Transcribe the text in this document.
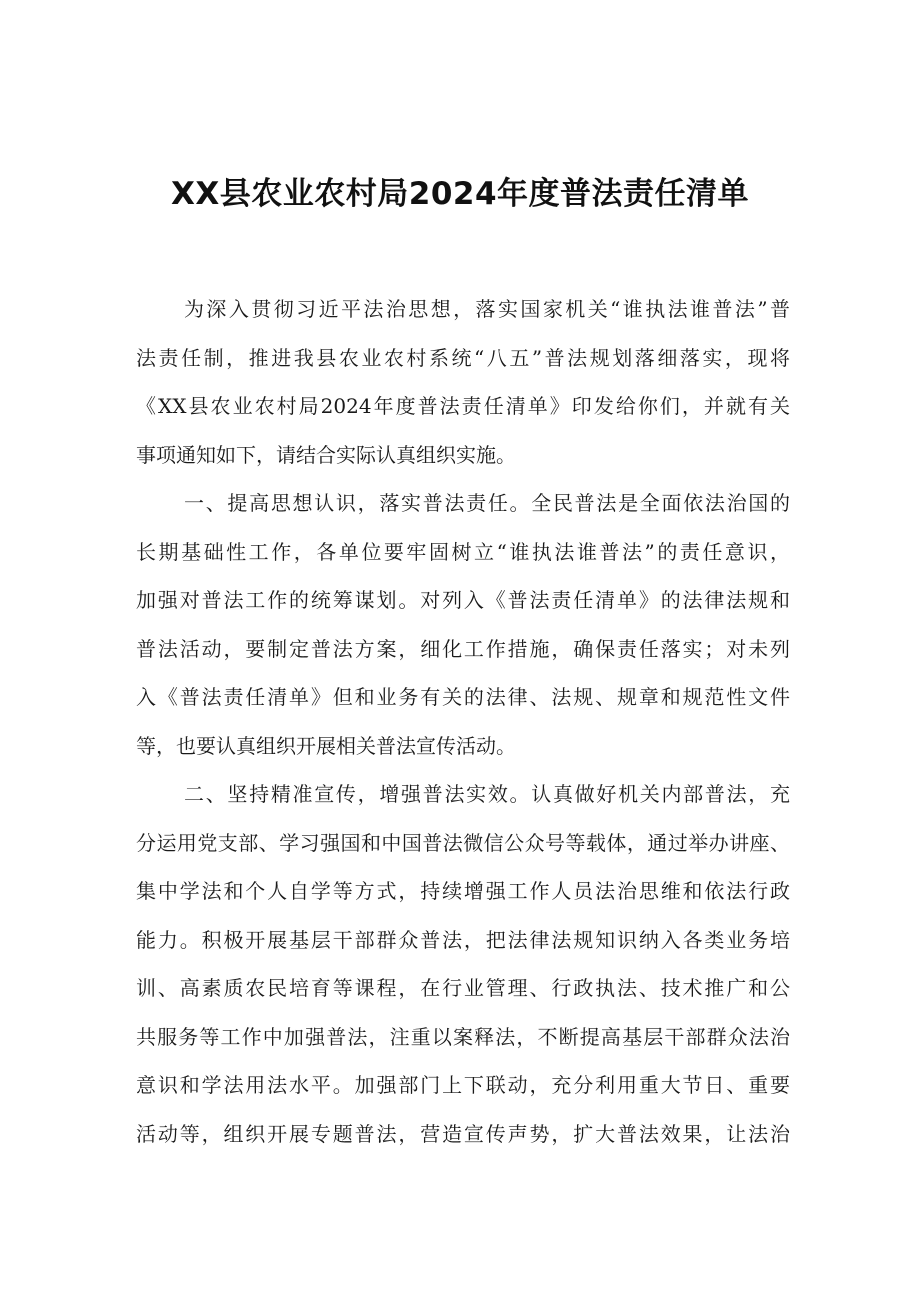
XX县农业农村局2024年度普法责任清单
为深入贯彻习近平法治思想，落实国家机关“谁执法谁普法”普
法责任制，推进我县农业农村系统“八五”普法规划落细落实，现将
《XX县农业农村局2024年度普法责任清单》印发给你们，并就有关
事项通知如下，请结合实际认真组织实施。
一、提高思想认识，落实普法责任。全民普法是全面依法治国的
长期基础性工作，各单位要牢固树立“谁执法谁普法”的责任意识，
加强对普法工作的统筹谋划。对列入《普法责任清单》的法律法规和
普法活动，要制定普法方案，细化工作措施，确保责任落实；对未列
入《普法责任清单》但和业务有关的法律、法规、规章和规范性文件
等，也要认真组织开展相关普法宣传活动。
二、坚持精准宣传，增强普法实效。认真做好机关内部普法，充
分运用党支部、学习强国和中国普法微信公众号等载体，通过举办讲座、
集中学法和个人自学等方式，持续增强工作人员法治思维和依法行政
能力。积极开展基层干部群众普法，把法律法规知识纳入各类业务培
训、高素质农民培育等课程，在行业管理、行政执法、技术推广和公
共服务等工作中加强普法，注重以案释法，不断提高基层干部群众法治
意识和学法用法水平。加强部门上下联动，充分利用重大节日、重要
活动等，组织开展专题普法，营造宣传声势，扩大普法效果，让法治
